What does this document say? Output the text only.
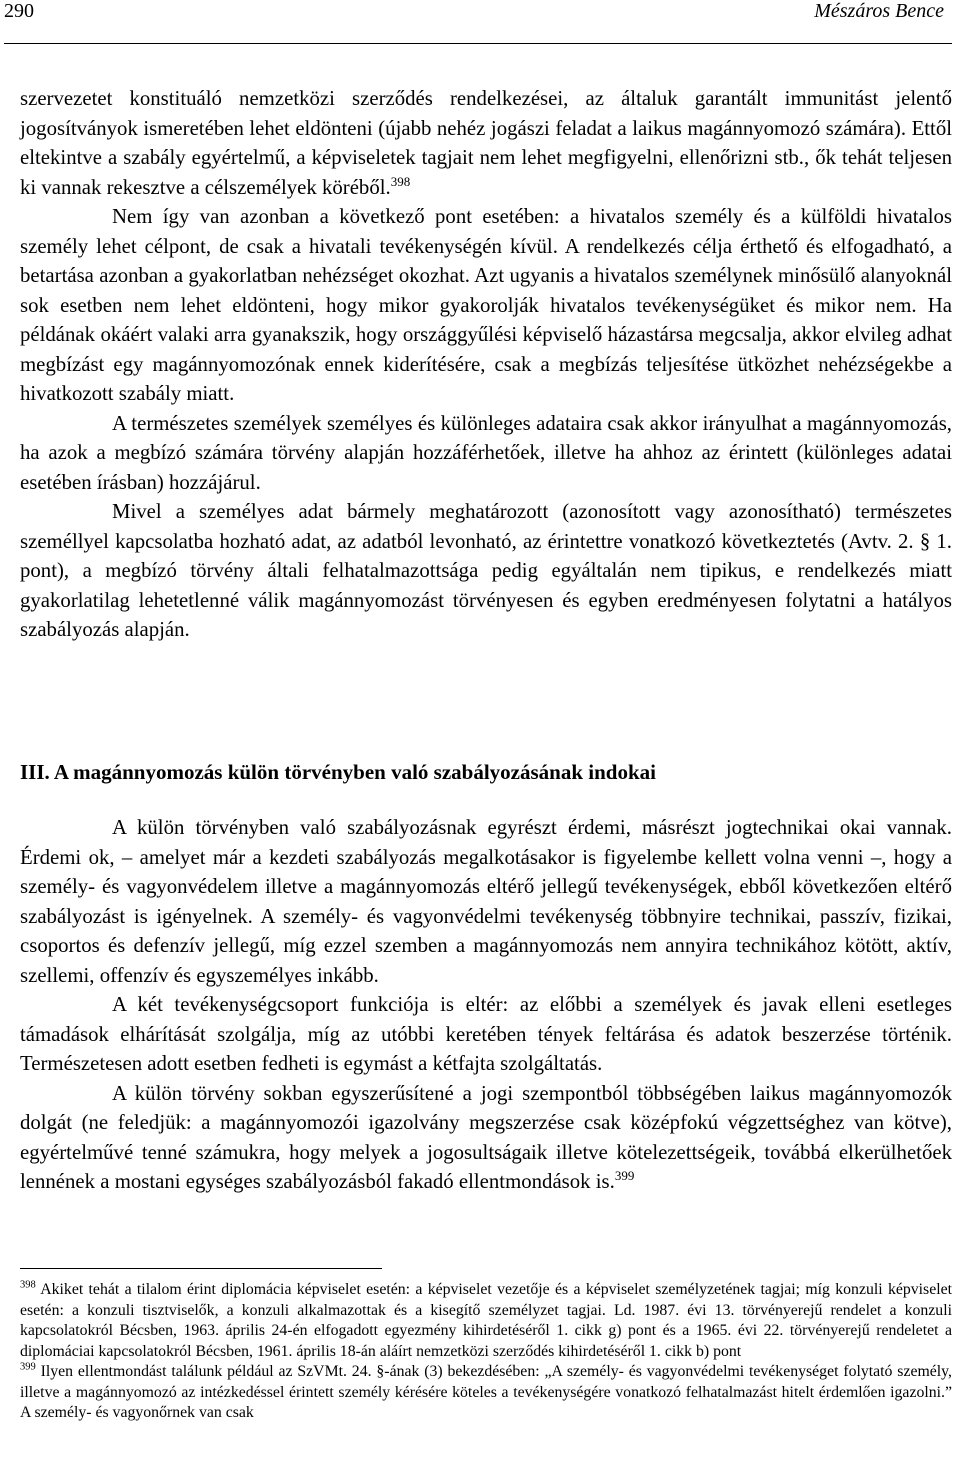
290	Mészáros Bence

szervezetet konstituáló nemzetközi szerződés rendelkezései, az általuk garantált immunitást jelentő jogosítványok ismeretében lehet eldönteni (újabb nehéz jogászi feladat a laikus magánnyomozó számára). Ettől eltekintve a szabály egyértelmű, a képviseletek tagjait nem lehet megfigyelni, ellenőrizni stb., ők tehát teljesen ki vannak rekesztve a célszemélyek köréből.$^{398}$

Nem így van azonban a következő pont esetében: a hivatalos személy és a külföldi hivatalos személy lehet célpont, de csak a hivatali tevékenységén kívül. A rendelkezés célja érthető és elfogadható, a betartása azonban a gyakorlatban nehézséget okozhat. Azt ugyanis a hivatalos személynek minősülő alanyoknál sok esetben nem lehet eldönteni, hogy mikor gyakorolják hivatalos tevékenységüket és mikor nem. Ha példának okáért valaki arra gyanakszik, hogy országgyűlési képviselő házastársa megcsalja, akkor elvileg adhat megbízást egy magánnyomozónak ennek kiderítésére, csak a megbízás teljesítése ütközhet nehézségekbe a hivatkozott szabály miatt.

A természetes személyek személyes és különleges adataira csak akkor irányulhat a magánnyomozás, ha azok a megbízó számára törvény alapján hozzáférhetőek, illetve ha ahhoz az érintett (különleges adatai esetében írásban) hozzájárul.

Mivel a személyes adat bármely meghatározott (azonosított vagy azonosítható) természetes személlyel kapcsolatba hozható adat, az adatból levonható, az érintettre vonatkozó következtetés (Avtv. 2. § 1. pont), a megbízó törvény általi felhatalmazottsága pedig egyáltalán nem tipikus, e rendelkezés miatt gyakorlatilag lehetetlenné válik magánnyomozást törvényesen és egyben eredményesen folytatni a hatályos szabályozás alapján.

III. A magánnyomozás külön törvényben való szabályozásának indokai

A külön törvényben való szabályozásnak egyrészt érdemi, másrészt jogtechnikai okai vannak. Érdemi ok, – amelyet már a kezdeti szabályozás megalkotásakor is figyelembe kellett volna venni –, hogy a személy- és vagyonvédelem illetve a magánnyomozás eltérő jellegű tevékenységek, ebből következően eltérő szabályozást is igényelnek. A személy- és vagyonvédelmi tevékenység többnyire technikai, passzív, fizikai, csoportos és defenzív jellegű, míg ezzel szemben a magánnyomozás nem annyira technikához kötött, aktív, szellemi, offenzív és egyszemélyes inkább.

A két tevékenységcsoport funkciója is eltér: az előbbi a személyek és javak elleni esetleges támadások elhárítását szolgálja, míg az utóbbi keretében tények feltárása és adatok beszerzése történik. Természetesen adott esetben fedheti is egymást a kétfajta szolgáltatás.

A külön törvény sokban egyszerűsítené a jogi szempontból többségében laikus magánnyomozók dolgát (ne feledjük: a magánnyomozói igazolvány megszerzése csak középfokú végzettséghez van kötve), egyértelművé tenné számukra, hogy melyek a jogosultságaik illetve kötelezettségeik, továbbá elkerülhetőek lennének a mostani egységes szabályozásból fakadó ellentmondások is.$^{399}$

$^{398}$ Akiket tehát a tilalom érint diplomácia képviselet esetén: a képviselet vezetője és a képviselet személyzetének tagjai; míg konzuli képviselet esetén: a konzuli tisztviselők, a konzuli alkalmazottak és a kisegítő személyzet tagjai. Ld. 1987. évi 13. törvényerejű rendelet a konzuli kapcsolatokról Bécsben, 1963. április 24-én elfogadott egyezmény kihirdetéséről 1. cikk g) pont és a 1965. évi 22. törvényerejű rendeletet a diplomáciai kapcsolatokról Bécsben, 1961. április 18-án aláírt nemzetközi szerződés kihirdetéséről 1. cikk b) pont

$^{399}$ Ilyen ellentmondást találunk például az SzVMt. 24. §-ának (3) bekezdésében: „A személy- és vagyonvédelmi tevékenységet folytató személy, illetve a magánnyomozó az intézkedéssel érintett személy kérésére köteles a tevékenységére vonatkozó felhatalmazást hitelt érdemlően igazolni.” A személy- és vagyonőrnek van csak
